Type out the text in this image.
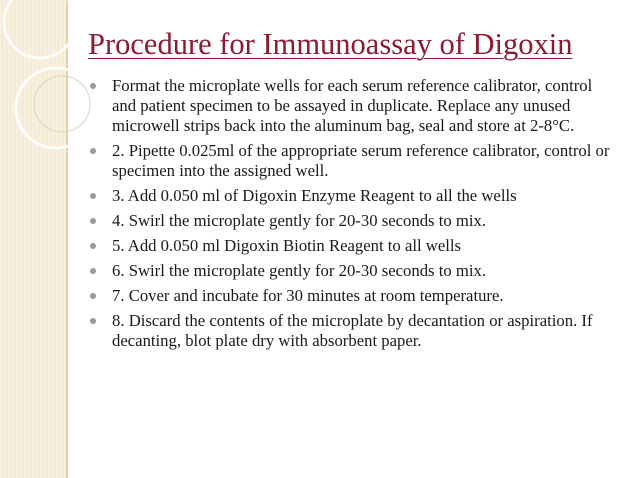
Procedure for Immunoassay of Digoxin
Format the microplate wells for each serum reference calibrator, control and patient specimen to be assayed in duplicate. Replace any unused microwell strips back into the aluminum bag, seal and store at 2-8°C.
2. Pipette 0.025ml of the appropriate serum reference calibrator, control or specimen into the assigned well.
3. Add 0.050 ml of Digoxin Enzyme Reagent to all the wells
4. Swirl the microplate gently for 20-30 seconds to mix.
5. Add 0.050 ml Digoxin Biotin Reagent to all wells
6. Swirl the microplate gently for 20-30 seconds to mix.
7. Cover and incubate for 30 minutes at room temperature.
8. Discard the contents of the microplate by decantation or aspiration. If decanting, blot plate dry with absorbent paper.
